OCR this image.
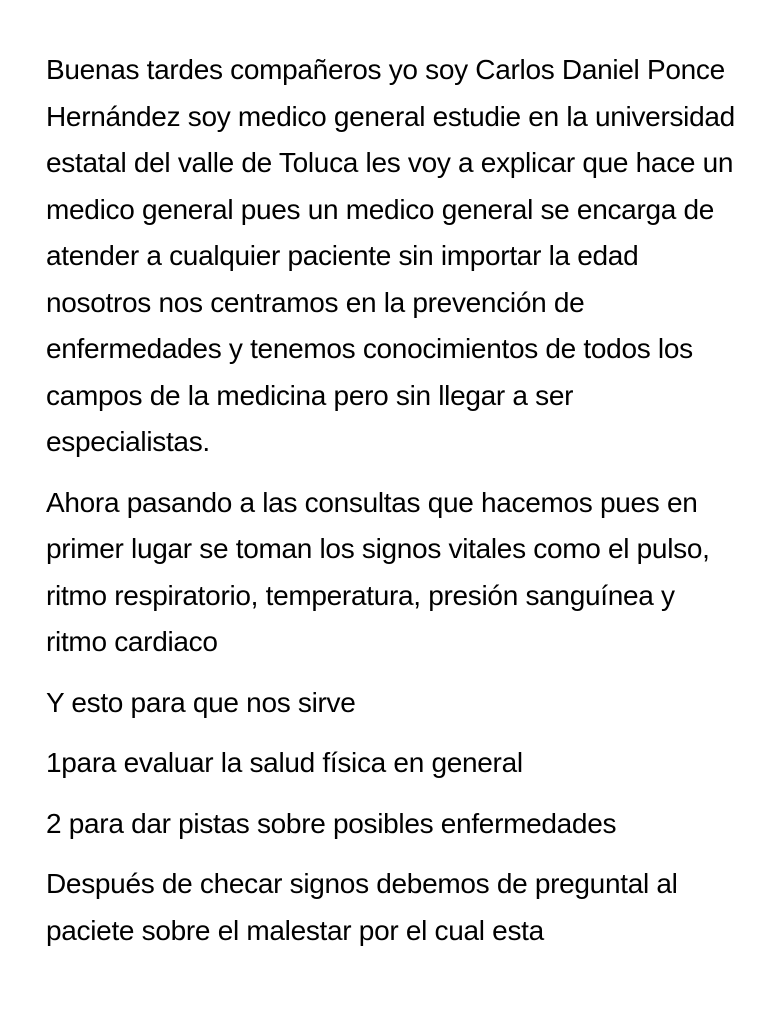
Buenas tardes compañeros yo soy Carlos Daniel Ponce Hernández soy medico general estudie en la universidad estatal del valle de Toluca les voy a explicar que hace un medico general pues un medico general se encarga de atender a cualquier paciente sin importar la edad nosotros nos centramos en la prevención de enfermedades y tenemos conocimientos de todos los campos de la medicina pero sin llegar a ser especialistas.

Ahora pasando a las consultas que hacemos pues en primer lugar se toman los signos vitales como el pulso, ritmo respiratorio, temperatura, presión sanguínea y ritmo cardiaco

Y esto para que nos sirve

1para evaluar la salud física en general

2 para dar pistas sobre posibles enfermedades

Después de checar signos debemos de preguntal al paciete sobre el malestar por el cual esta
